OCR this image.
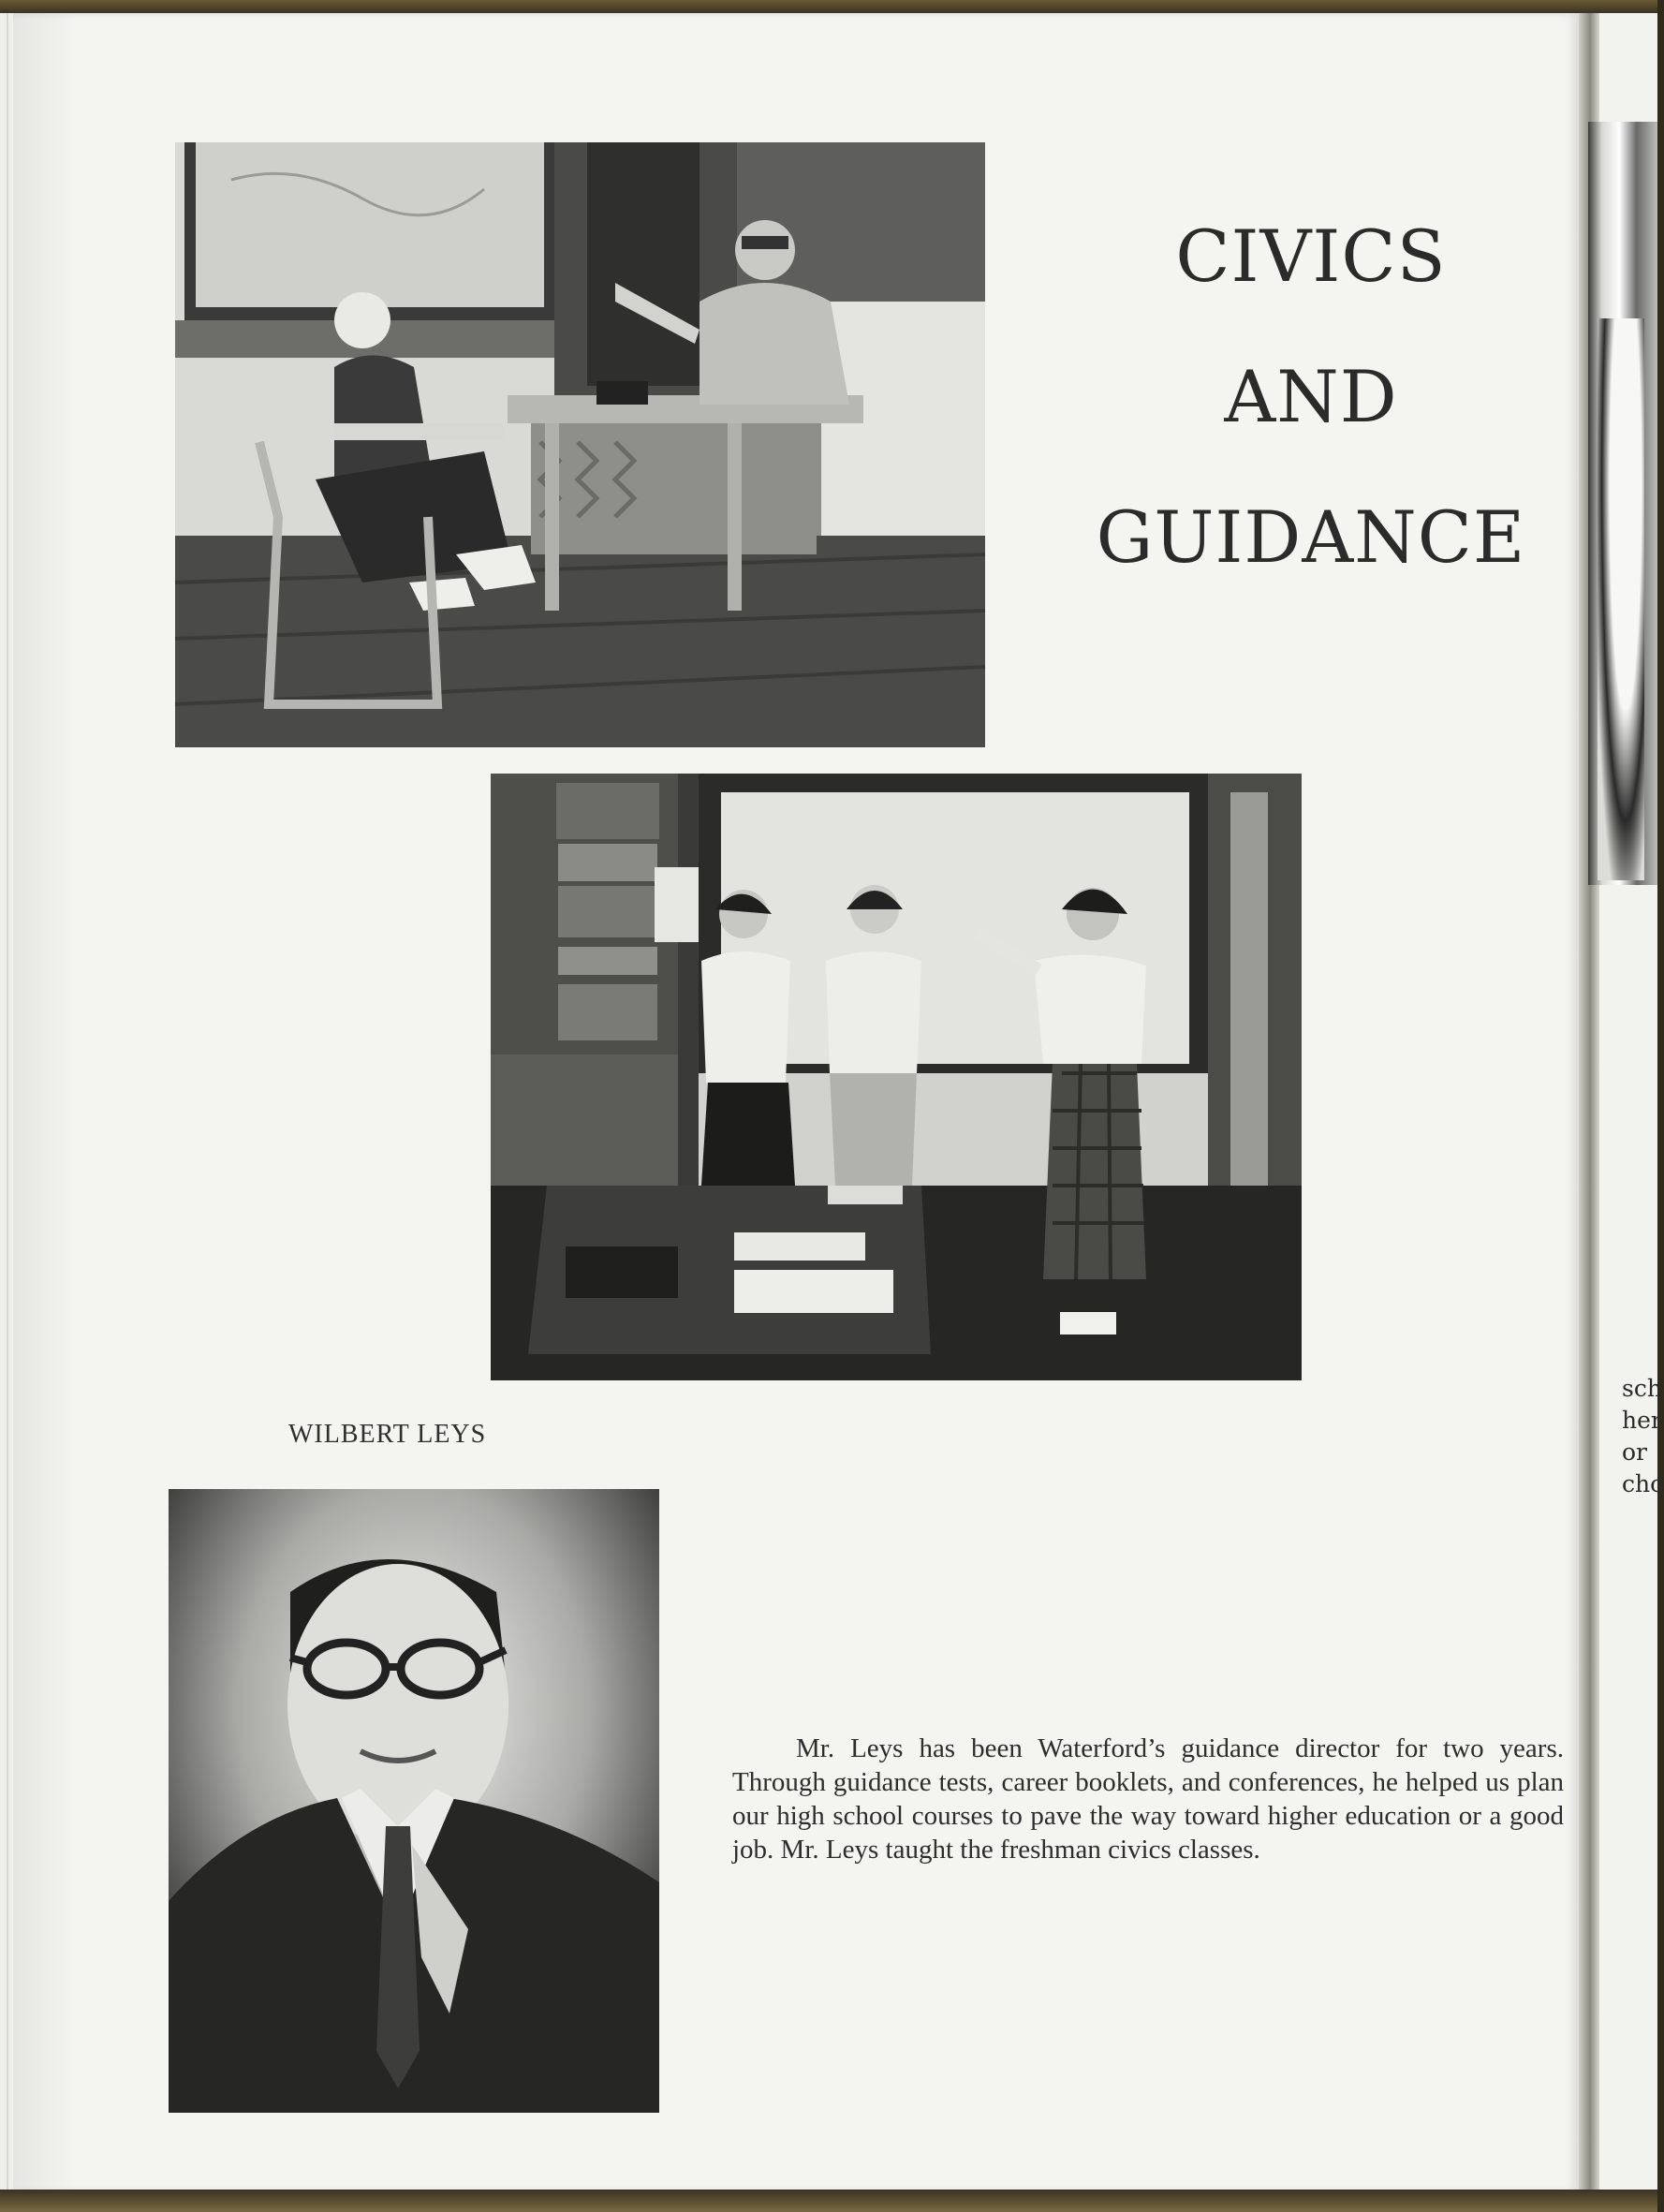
sch
her
or
cho
CIVICS
AND
GUIDANCE
WILBERT LEYS
Mr. Leys has been Waterford’s guidance director for two years. Through guidance tests, career booklets, and conferences, he helped us plan our high school courses to pave the way toward higher education or a good job. Mr. Leys taught the freshman civics classes.
